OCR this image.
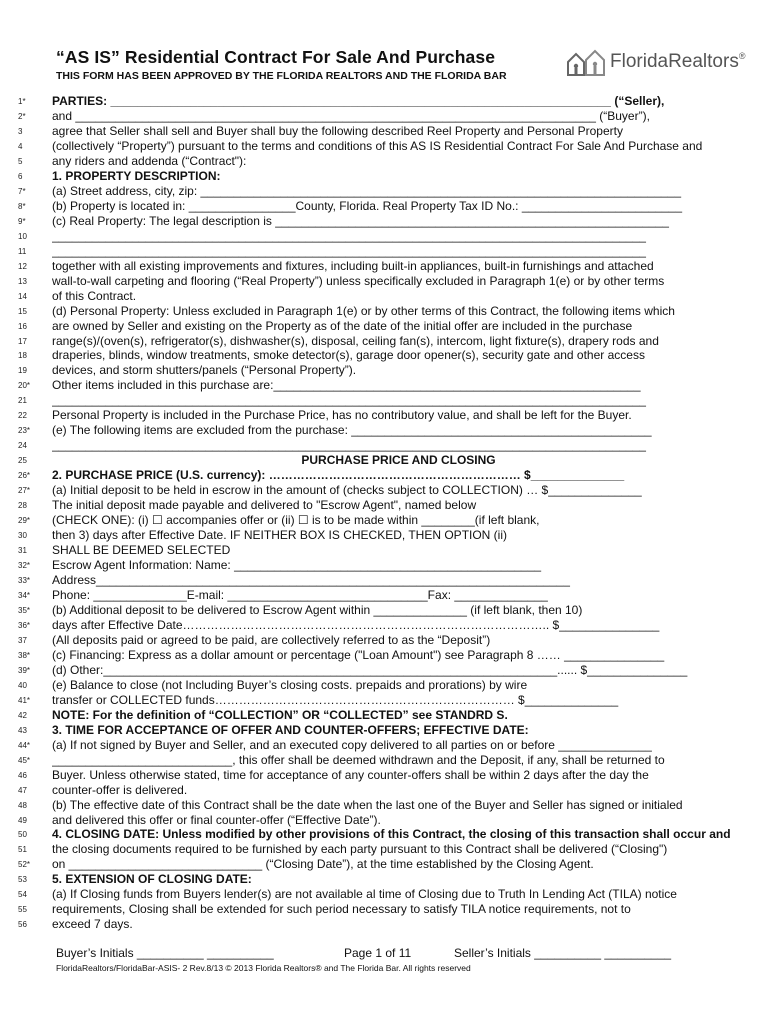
“AS IS” Residential Contract For Sale And Purchase
THIS FORM HAS BEEN APPROVED BY THE FLORIDA REALTORS AND THE FLORIDA BAR
FloridaRealtors®
1*	PARTIES: ___________________________________________________________________________ (“Seller),
2*	and ______________________________________________________________________________ (“Buyer”),
3	agree that Seller shall sell and Buyer shall buy the following described Reel Property and Personal Property
4	(collectively “Property”) pursuant to the terms and conditions of this AS IS Residential Contract For Sale And Purchase and
5	any riders and addenda (“Contract"):
6	1. PROPERTY DESCRIPTION:
7*	(a) Street address, city, zip: ________________________________________________________________________
8*	(b) Property is located in: ________________County, Florida. Real Property Tax ID No.: ________________________
9*	(c) Real Property: The legal description is ___________________________________________________________
10	_________________________________________________________________________________________
11	_________________________________________________________________________________________
12	together with all existing improvements and fixtures, including built-in appliances, built-in furnishings and attached
13	wall-to-wall carpeting and flooring (“Real Property”) unless specifically excluded in Paragraph 1(e) or by other terms
14	of this Contract.
15	(d) Personal Property: Unless excluded in Paragraph 1(e) or by other terms of this Contract, the following items which
16	are owned by Seller and existing on the Property as of the date of the initial offer are included in the purchase
17	range(s)/(oven(s), refrigerator(s), dishwasher(s), disposal, ceiling fan(s), intercom, light fixture(s), drapery rods and
18	draperies, blinds, window treatments, smoke detector(s), garage door opener(s), security gate and other access
19	devices, and storm shutters/panels (“Personal Property”).
20*	Other items included in this purchase are:_______________________________________________________
21	_________________________________________________________________________________________
22	Personal Property is included in the Purchase Price, has no contributory value, and shall be left for the Buyer.
23*	(e) The following items are excluded from the purchase: _____________________________________________
24	_________________________________________________________________________________________
25	PURCHASE PRICE AND CLOSING
26*	2. PURCHASE PRICE (U.S. currency): ……………………………………………………… $______________
27*	(a) Initial deposit to be held in escrow in the amount of (checks subject to COLLECTION) … $______________
28	The initial deposit made payable and delivered to "Escrow Agent", named below
29*	(CHECK ONE): (i) ☐ accompanies offer or (ii) ☐ is to be made within ________(if left blank,
30	then 3) days after Effective Date. IF NEITHER BOX IS CHECKED, THEN OPTION (ii)
31	SHALL BE DEEMED SELECTED
32*	Escrow Agent Information: Name: ______________________________________________
33*	Address_______________________________________________________________________
34*	Phone: ______________E-mail: ______________________________Fax: ______________
35*	(b) Additional deposit to be delivered to Escrow Agent within ______________ (if left blank, then 10)
36*	days after Effective Date……………………………………………………………………………….. $_______________
37	(All deposits paid or agreed to be paid, are collectively referred to as the “Deposit”)
38*	(c) Financing: Express as a dollar amount or percentage ("Loan Amount") see Paragraph 8 …… _______________
39*	(d) Other:____________________________________________________________________...... $_______________
40	(e) Balance to close (not Including Buyer’s closing costs. prepaids and prorations) by wire
41*	transfer or COLLECTED funds………………………………………………………………… $______________
42	NOTE: For the definition of “COLLECTION” OR “COLLECTED” see STANDRD S.
43	3. TIME FOR ACCEPTANCE OF OFFER AND COUNTER-OFFERS; EFFECTIVE DATE:
44*	(a) If not signed by Buyer and Seller, and an executed copy delivered to all parties on or before ______________
45*	___________________________, this offer shall be deemed withdrawn and the Deposit, if any, shall be returned to
46	Buyer. Unless otherwise stated, time for acceptance of any counter-offers shall be within 2 days after the day the
47	counter-offer is delivered.
48	(b) The effective date of this Contract shall be the date when the last one of the Buyer and Seller has signed or initialed
49	and delivered this offer or final counter-offer (“Effective Date”).
50	4. CLOSING DATE: Unless modified by other provisions of this Contract, the closing of this transaction shall occur and
51	the closing documents required to be furnished by each party pursuant to this Contract shall be delivered (“Closing")
52*	on _____________________________ (“Closing Date”), at the time established by the Closing Agent.
53	5. EXTENSION OF CLOSING DATE:
54	(a) If Closing funds from Buyers lender(s) are not available al time of Closing due to Truth In Lending Act (TILA) notice
55	requirements, Closing shall be extended for such period necessary to satisfy TILA notice requirements, not to
56	exceed 7 days.
Buyer’s Initials __________ __________	Page 1 of 11	Seller’s Initials __________ __________
FloridaRealtors/FloridaBar-ASIS- 2 Rev.8/13 © 2013 Florida Realtors® and The Florida Bar. All rights reserved
